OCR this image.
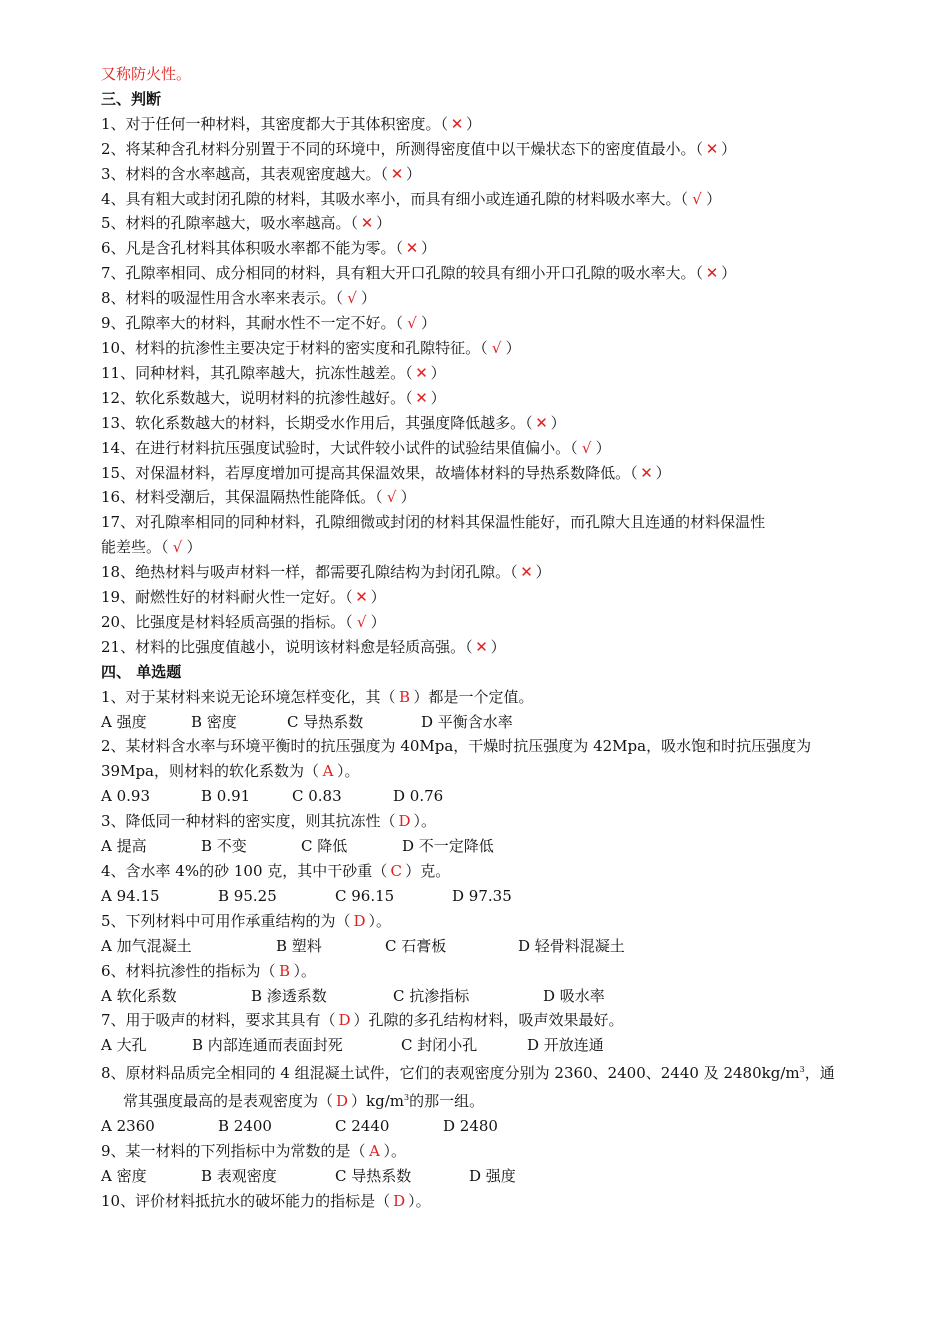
又称防火性。
三、判断
1、对于任何一种材料，其密度都大于其体积密度。（ ✕ ）
2、将某种含孔材料分别置于不同的环境中，所测得密度值中以干燥状态下的密度值最小。（ ✕ ）
3、材料的含水率越高，其表观密度越大。（ ✕ ）
4、具有粗大或封闭孔隙的材料，其吸水率小，而具有细小或连通孔隙的材料吸水率大。（ √ ）
5、材料的孔隙率越大，吸水率越高。（ ✕ ）
6、凡是含孔材料其体积吸水率都不能为零。（ ✕ ）
7、孔隙率相同、成分相同的材料，具有粗大开口孔隙的较具有细小开口孔隙的吸水率大。（ ✕ ）
8、材料的吸湿性用含水率来表示。（ √ ）
9、孔隙率大的材料，其耐水性不一定不好。（ √ ）
10、材料的抗渗性主要决定于材料的密实度和孔隙特征。（ √ ）
11、同种材料，其孔隙率越大，抗冻性越差。（ ✕ ）
12、软化系数越大，说明材料的抗渗性越好。（ ✕ ）
13、软化系数越大的材料，长期受水作用后，其强度降低越多。（ ✕ ）
14、在进行材料抗压强度试验时，大试件较小试件的试验结果值偏小。（ √ ）
15、对保温材料，若厚度增加可提高其保温效果，故墙体材料的导热系数降低。（ ✕ ）
16、材料受潮后，其保温隔热性能降低。（ √ ）
17、对孔隙率相同的同种材料，孔隙细微或封闭的材料其保温性能好，而孔隙大且连通的材料保温性
能差些。（ √ ）
18、绝热材料与吸声材料一样，都需要孔隙结构为封闭孔隙。（ ✕ ）
19、耐燃性好的材料耐火性一定好。（ ✕ ）
20、比强度是材料轻质高强的指标。（ √ ）
21、材料的比强度值越小，说明该材料愈是轻质高强。（ ✕ ）
四、 单选题
1、对于某材料来说无论环境怎样变化，其（ B ）都是一个定值。
A 强度	B 密度	C 导热系数	D 平衡含水率
2、某材料含水率与环境平衡时的抗压强度为 40Mpa，干燥时抗压强度为 42Mpa，吸水饱和时抗压强度为
39Mpa，则材料的软化系数为（ A ）。
A 0.93	B 0.91	C 0.83	D 0.76
3、降低同一种材料的密实度，则其抗冻性（ D ）。
A 提高	B 不变	C 降低	D 不一定降低
4、含水率 4%的砂 100 克，其中干砂重（ C ）克。
A 94.15	B 95.25	C 96.15	D 97.35
5、下列材料中可用作承重结构的为（ D ）。
A 加气混凝土	B 塑料	C 石膏板	D 轻骨料混凝土
6、材料抗渗性的指标为（ B ）。
A 软化系数	B 渗透系数	C 抗渗指标	D 吸水率
7、用于吸声的材料，要求其具有（ D ）孔隙的多孔结构材料，吸声效果最好。
A 大孔	B 内部连通而表面封死	C 封闭小孔	D 开放连通
8、原材料品质完全相同的 4 组混凝土试件，它们的表观密度分别为 2360、2400、2440 及 $2480kg/m^3$，通
常其强度最高的是表观密度为（ D ）$kg/m^3$的那一组。
A 2360	B 2400	C 2440	D 2480
9、某一材料的下列指标中为常数的是（ A ）。
A 密度	B 表观密度	C 导热系数	D 强度
10、评价材料抵抗水的破坏能力的指标是（ D ）。
